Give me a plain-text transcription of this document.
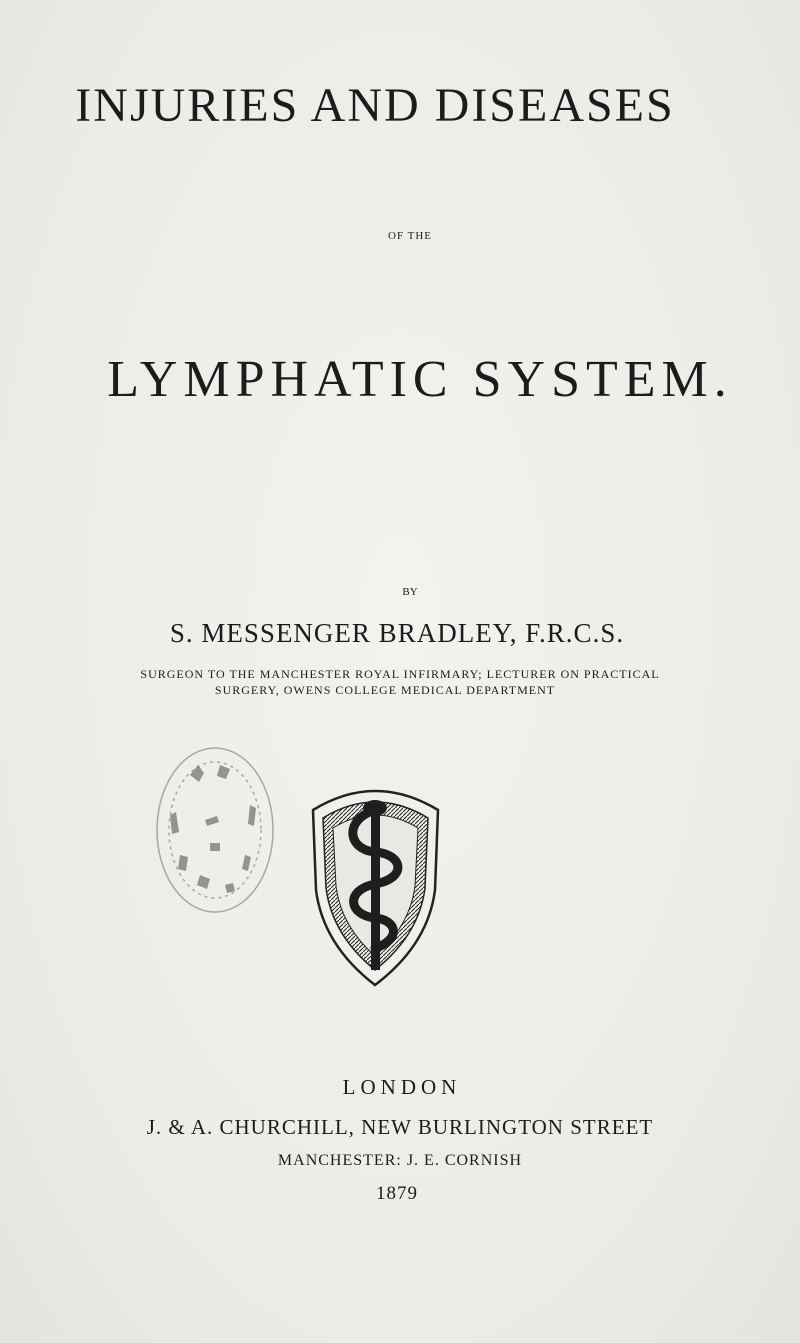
INJURIES AND DISEASES
OF THE
LYMPHATIC SYSTEM.
BY
S. MESSENGER BRADLEY, F.R.C.S.
SURGEON TO THE MANCHESTER ROYAL INFIRMARY; LECTURER ON PRACTICAL
SURGERY, OWENS COLLEGE MEDICAL DEPARTMENT
LONDON
J. & A. CHURCHILL, NEW BURLINGTON STREET
MANCHESTER: J. E. CORNISH
1879
